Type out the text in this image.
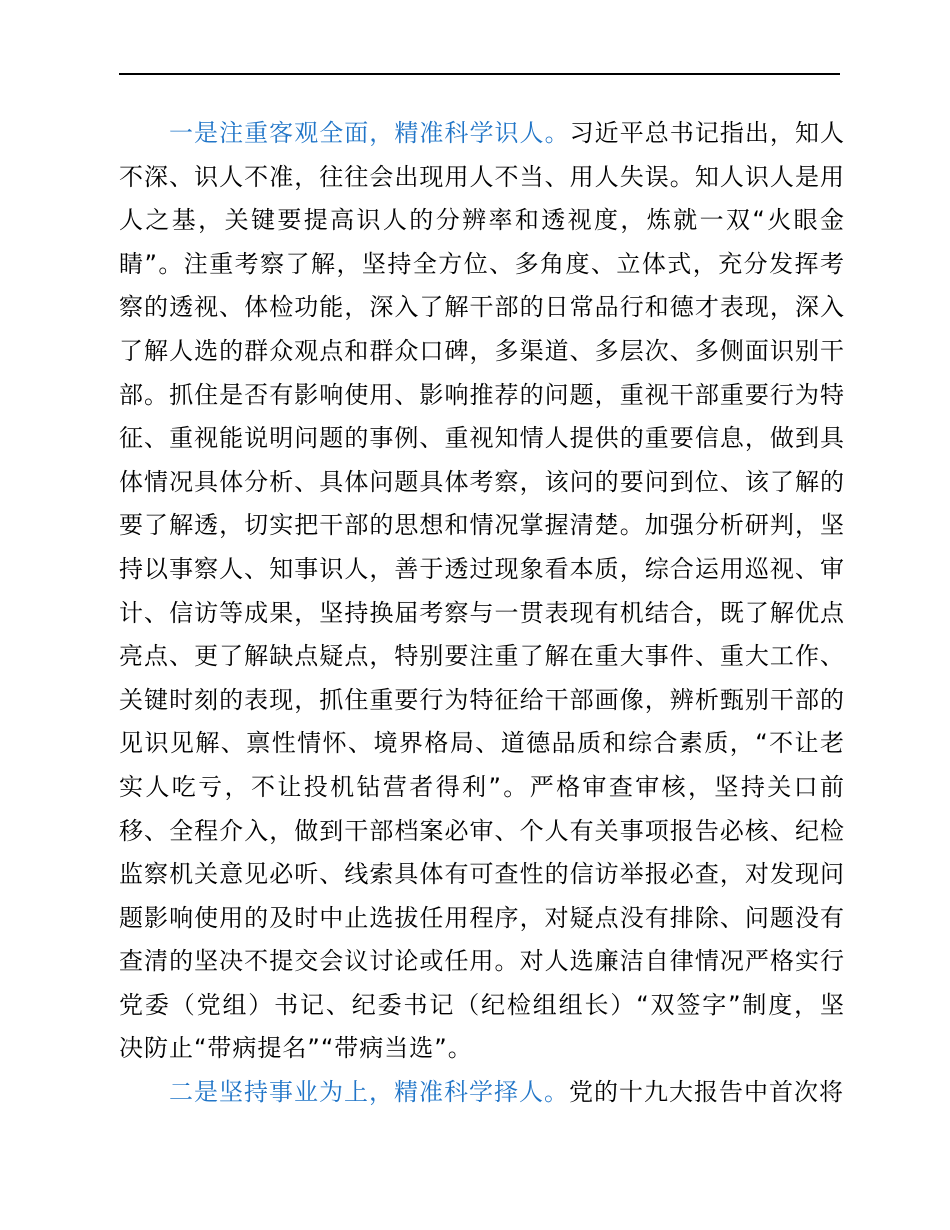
一是注重客观全面，精准科学识人。习近平总书记指出，知人不深、识人不准，往往会出现用人不当、用人失误。知人识人是用人之基，关键要提高识人的分辨率和透视度，炼就一双“火眼金睛”。注重考察了解，坚持全方位、多角度、立体式，充分发挥考察的透视、体检功能，深入了解干部的日常品行和德才表现，深入了解人选的群众观点和群众口碑，多渠道、多层次、多侧面识别干部。抓住是否有影响使用、影响推荐的问题，重视干部重要行为特征、重视能说明问题的事例、重视知情人提供的重要信息，做到具体情况具体分析、具体问题具体考察，该问的要问到位、该了解的要了解透，切实把干部的思想和情况掌握清楚。加强分析研判，坚持以事察人、知事识人，善于透过现象看本质，综合运用巡视、审计、信访等成果，坚持换届考察与一贯表现有机结合，既了解优点亮点、更了解缺点疑点，特别要注重了解在重大事件、重大工作、关键时刻的表现，抓住重要行为特征给干部画像，辨析甄别干部的见识见解、禀性情怀、境界格局、道德品质和综合素质，“不让老实人吃亏，不让投机钻营者得利”。严格审查审核，坚持关口前移、全程介入，做到干部档案必审、个人有关事项报告必核、纪检监察机关意见必听、线索具体有可查性的信访举报必查，对发现问题影响使用的及时中止选拔任用程序，对疑点没有排除、问题没有查清的坚决不提交会议讨论或任用。对人选廉洁自律情况严格实行党委（党组）书记、纪委书记（纪检组组长）“双签字”制度，坚决防止“带病提名”“带病当选”。

二是坚持事业为上，精准科学择人。党的十九大报告中首次将
